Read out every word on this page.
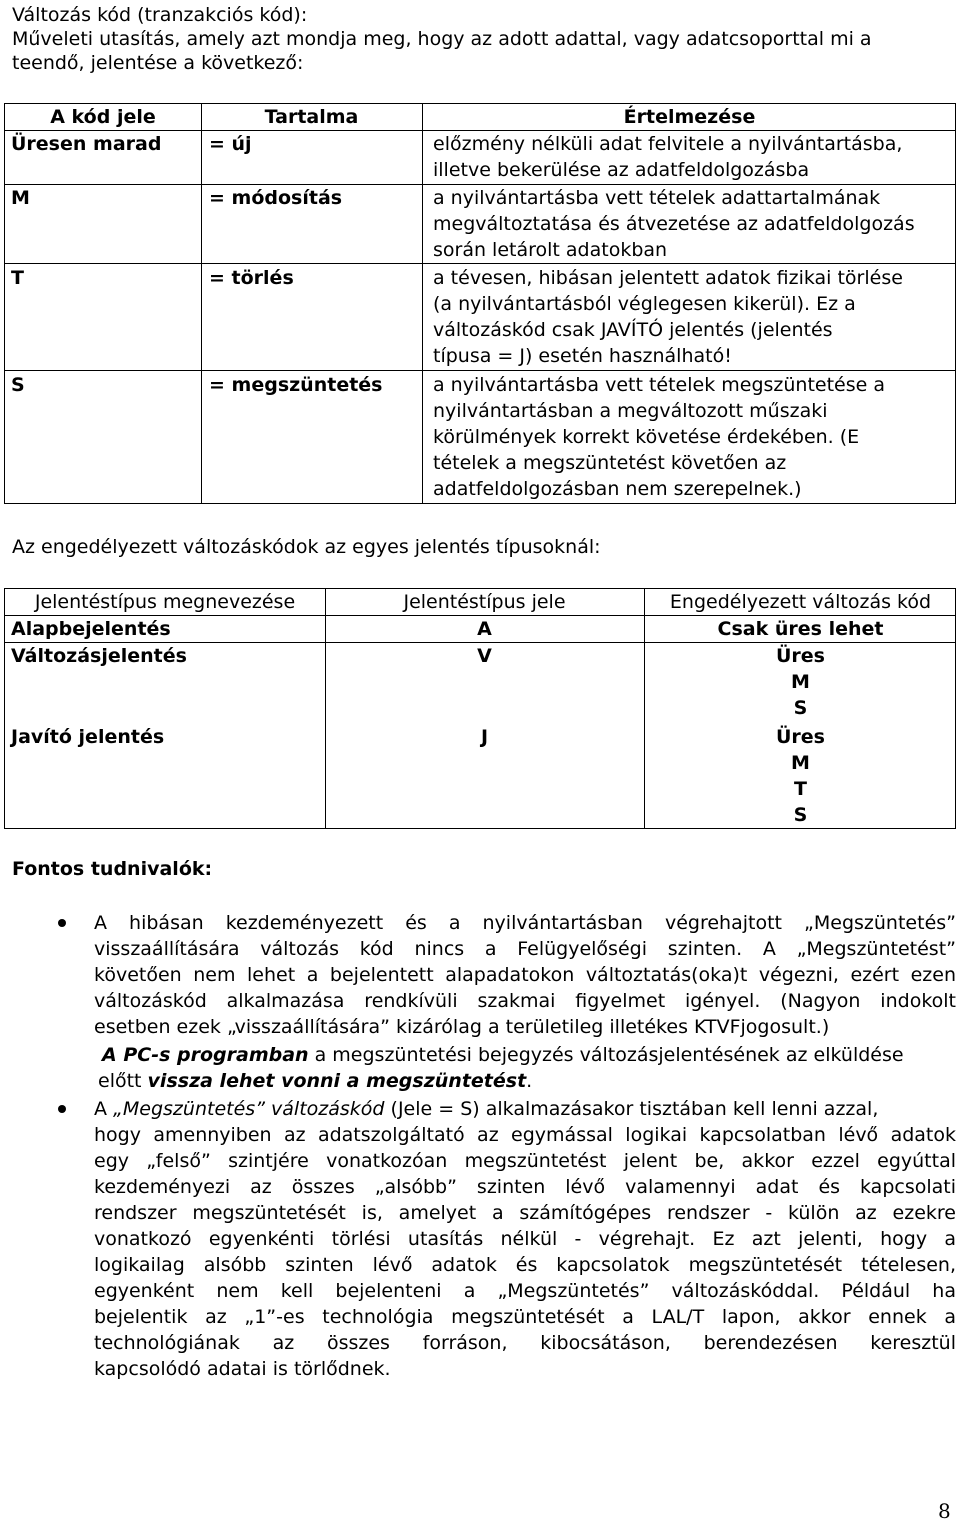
Változás kód (tranzakciós kód):
Műveleti utasítás, amely azt mondja meg, hogy az adott adattal, vagy adatcsoporttal mi a
teendő, jelentése a következő:
A kód jele	Tartalma	Értelmezése
Üresen marad	= új	előzmény nélküli adat felvitele a nyilvántartásba,
illetve bekerülése az adatfeldolgozásba
M	= módosítás	a nyilvántartásba vett tételek adattartalmának
megváltoztatása és átvezetése az adatfeldolgozás
során letárolt adatokban
T	= törlés	a tévesen, hibásan jelentett adatok fizikai törlése
(a nyilvántartásból véglegesen kikerül). Ez a
változáskód csak JAVÍTÓ jelentés (jelentés
típusa = J) esetén használható!
S	= megszüntetés	a nyilvántartásba vett tételek megszüntetése a
nyilvántartásban a megváltozott műszaki
körülmények korrekt követése érdekében. (E
tételek a megszüntetést követően az
adatfeldolgozásban nem szerepelnek.)
Az engedélyezett változáskódok az egyes jelentés típusoknál:
Jelentéstípus megnevezése	Jelentéstípus jele	Engedélyezett változás kód
Alapbejelentés	A	Csak üres lehet
Változásjelentés	V	Üres
M
S
Javító jelentés	J	Üres
M
T
S
Fontos tudnivalók:
A hibásan kezdeményezett és a nyilvántartásban végrehajtott „Megszüntetés”
visszaállítására változás kód nincs a Felügyelőségi szinten. A „Megszüntetést”
követően nem lehet a bejelentett alapadatokon változtatás(oka)t végezni, ezért ezen
változáskód alkalmazása rendkívüli szakmai figyelmet igényel. (Nagyon indokolt
esetben ezek „visszaállítására” kizárólag a területileg illetékes KTVFjogosult.)
A PC-s programban a megszüntetési bejegyzés változásjelentésének az elküldése
előtt vissza lehet vonni a megszüntetést.
A „Megszüntetés” változáskód (Jele = S) alkalmazásakor tisztában kell lenni azzal,
hogy amennyiben az adatszolgáltató az egymással logikai kapcsolatban lévő adatok
egy „felső” szintjére vonatkozóan megszüntetést jelent be, akkor ezzel egyúttal
kezdeményezi az összes „alsóbb” szinten lévő valamennyi adat és kapcsolati
rendszer megszüntetését is, amelyet a számítógépes rendszer - külön az ezekre
vonatkozó egyenkénti törlési utasítás nélkül - végrehajt. Ez azt jelenti, hogy a
logikailag alsóbb szinten lévő adatok és kapcsolatok megszüntetését tételesen,
egyenként nem kell bejelenteni a „Megszüntetés” változáskóddal. Például ha
bejelentik az „1”-es technológia megszüntetését a LAL/T lapon, akkor ennek a
technológiának az összes forráson, kibocsátáson, berendezésen keresztül
kapcsolódó adatai is törlődnek.
8
